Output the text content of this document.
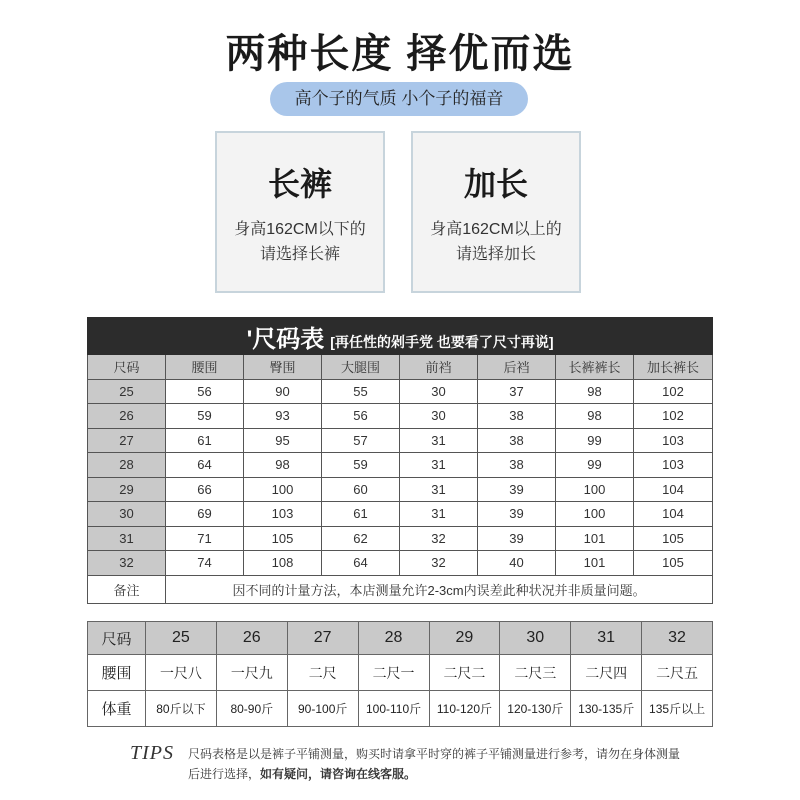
两种长度 择优而选
高个子的气质 小个子的福音
长裤
身高162CM以下的
请选择长裤
加长
身高162CM以上的
请选择加长
'尺码表 [再任性的剁手党 也要看了尺寸再说]							
尺码	腰围	臀围	大腿围	前裆	后裆	长裤裤长	加长裤长
25	56	90	55	30	37	98	102
26	59	93	56	30	38	98	102
27	61	95	57	31	38	99	103
28	64	98	59	31	38	99	103
29	66	100	60	31	39	100	104
30	69	103	61	31	39	100	104
31	71	105	62	32	39	101	105
32	74	108	64	32	40	101	105
备注	因不同的计量方法，本店测量允许2-3cm内误差此种状况并非质量问题。						
尺码	25	26	27	28	29	30	31	32
腰围	一尺八	一尺九	二尺	二尺一	二尺二	二尺三	二尺四	二尺五
体重	80斤以下	80-90斤	90-100斤	100-110斤	110-120斤	120-130斤	130-135斤	135斤以上
TIPS 尺码表格是以是裤子平铺测量，购买时请拿平时穿的裤子平铺测量进行参考，请勿在身体测量后进行选择，如有疑问，请咨询在线客服。
